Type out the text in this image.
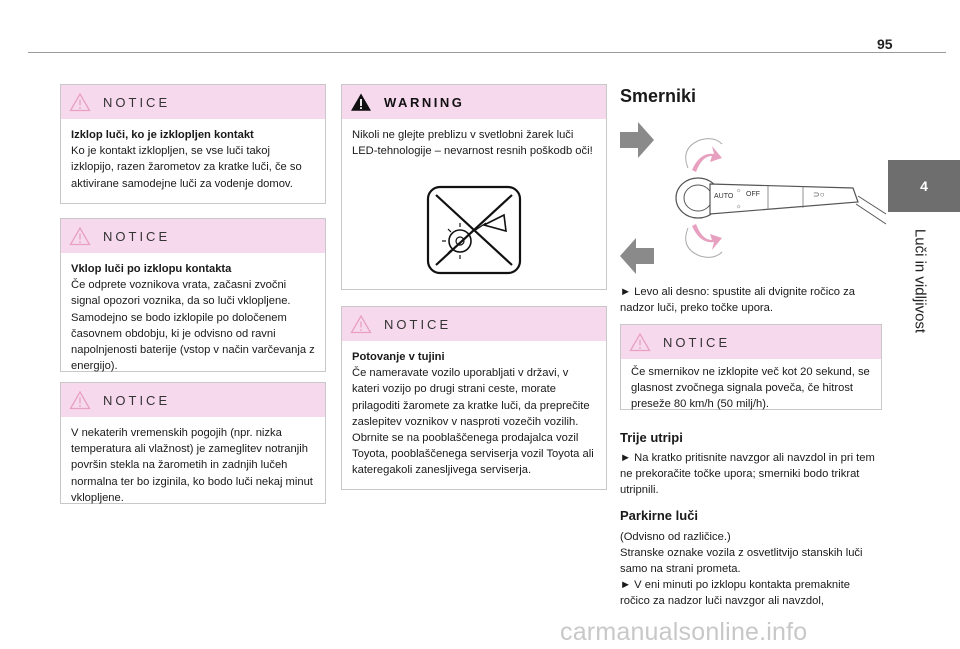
95
4
Luči in vidljivost
NOTICE
Izklop luči, ko je izklopljen kontakt

Ko je kontakt izklopljen, se vse luči takoj izklopijo, razen žarometov za kratke luči, če so aktivirane samodejne luči za vodenje domov.

NOTICE
Vklop luči po izklopu kontakta

Če odprete voznikova vrata, začasni zvočni signal opozori voznika, da so luči vklopljene. Samodejno se bodo izklopile po določenem časovnem obdobju, ki je odvisno od ravni napolnjenosti baterije (vstop v način varčevanja z energijo).

NOTICE

V nekaterih vremenskih pogojih (npr. nizka temperatura ali vlažnost) je zameglitev notranjih površin stekla na žarometih in zadnjih lučeh normalna ter bo izginila, ko bodo luči nekaj minut vklopljene.

WARNING

Nikoli ne glejte preblizu v svetlobni žarek luči LED-tehnologije – nevarnost resnih poškodb oči!

NOTICE
Potovanje v tujini

Če nameravate vozilo uporabljati v državi, v kateri vozijo po drugi strani ceste, morate prilagoditi žaromete za kratke luči, da preprečite zaslepitev voznikov v nasproti vozečih vozilih.

Obrnite se na pooblaščenega prodajalca vozil Toyota, pooblaščenega serviserja vozil Toyota ali kateregakoli zanesljivega serviserja.

Smerniki
AUTO OFF	⊃○
☼
☼
► Levo ali desno: spustite ali dvignite ročico za nadzor luči, preko točke upora.
NOTICE

Če smernikov ne izklopite več kot 20 sekund, se glasnost zvočnega signala poveča, če hitrost preseže 80 km/h (50 milj/h).

Trije utripi
► Na kratko pritisnite navzgor ali navzdol in pri tem ne prekoračite točke upora; smerniki bodo trikrat utripnili.
Parkirne luči
(Odvisno od različice.)
Stranske oznake vozila z osvetlitvijo stanskih luči samo na strani prometa.
► V eni minuti po izklopu kontakta premaknite ročico za nadzor luči navzgor ali navzdol,
carmanualsonline.info
